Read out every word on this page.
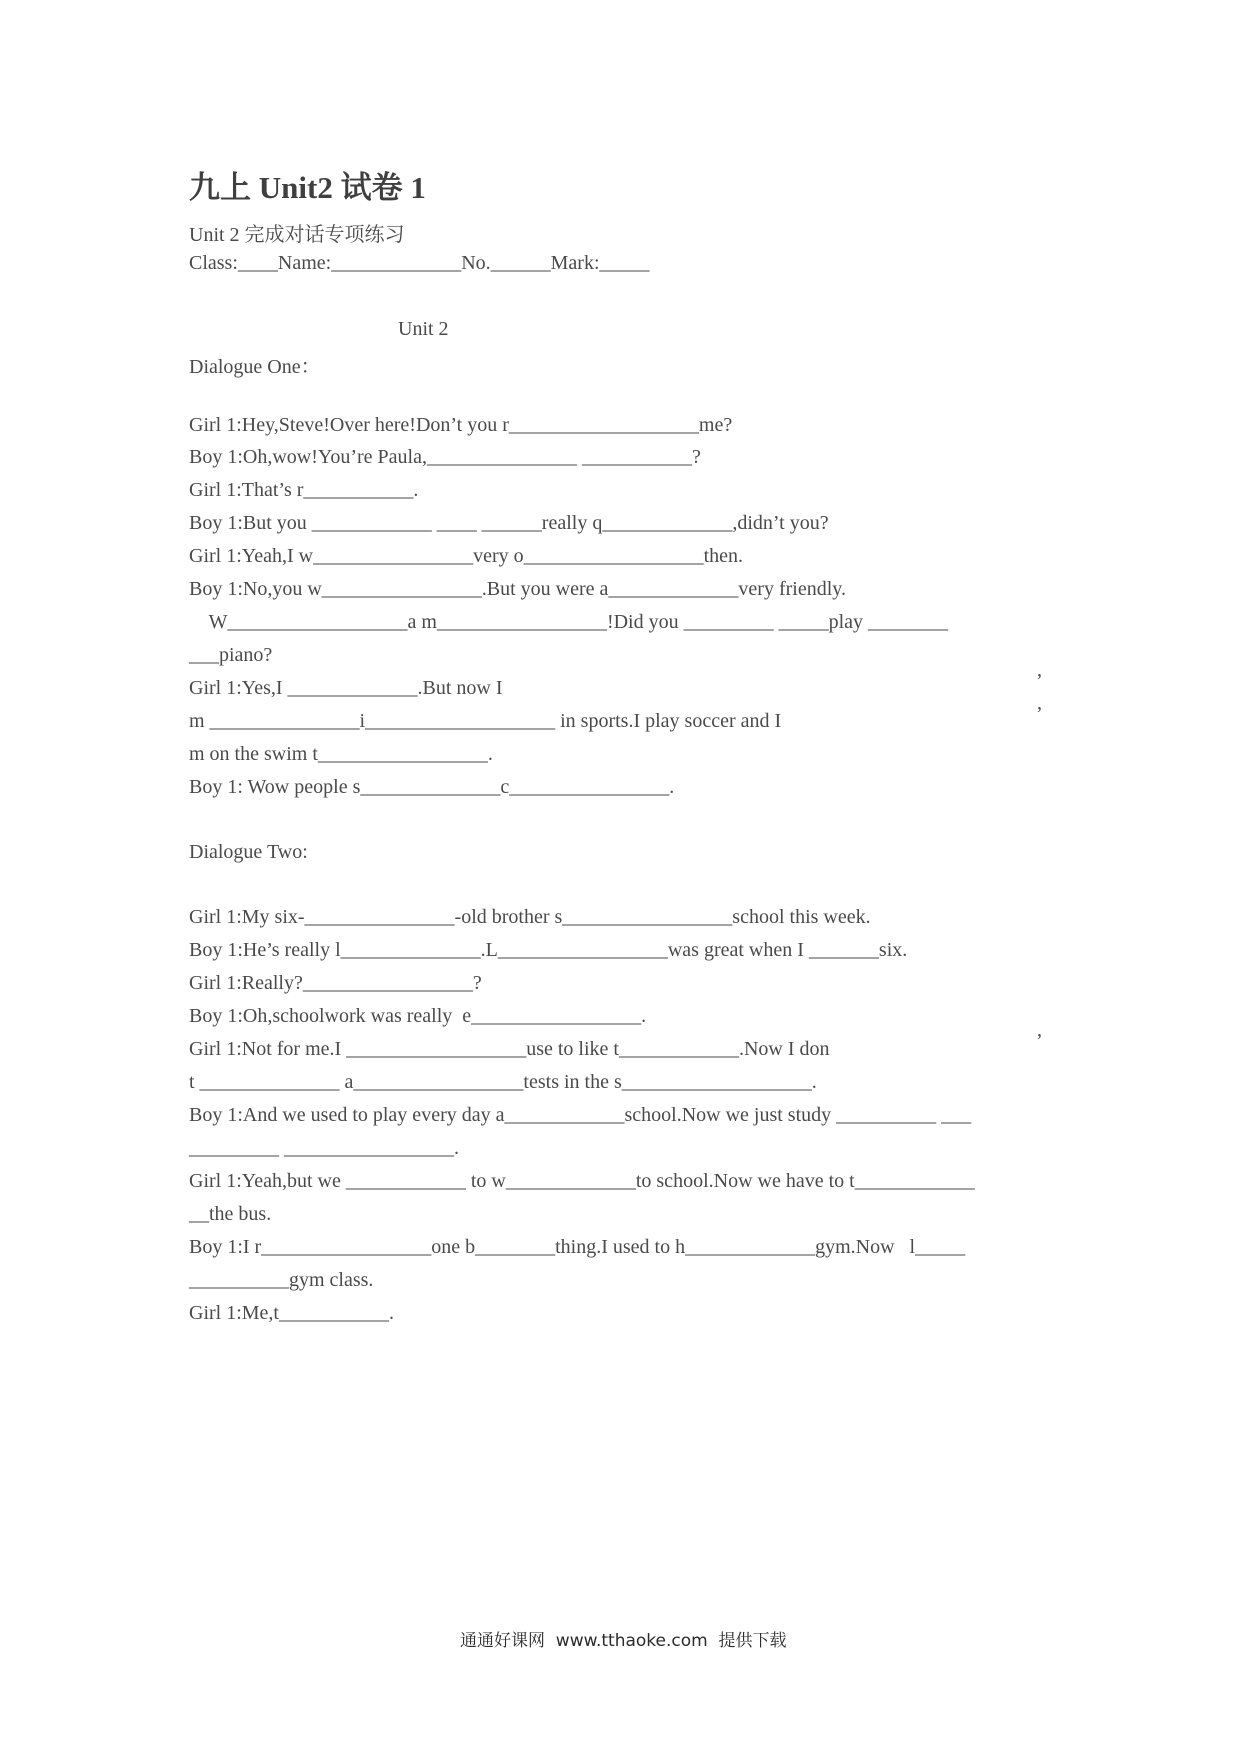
九上 Unit2 试卷 1
Unit 2 完成对话专项练习
Class:____Name:_____________No.______Mark:_____
Unit 2
Dialogue One：
Girl 1:Hey,Steve!Over here!Don’t you r___________________me?
Boy 1:Oh,wow!You’re Paula,_______________ ___________?
Girl 1:That’s r___________.
Boy 1:But you ____________ ____ ______really q_____________,didn’t you?
Girl 1:Yeah,I w________________very o__________________then.
Boy 1:No,you w________________.But you were a_____________very friendly.
W__________________a m_________________!Did you _________ _____play ________
___piano?
Girl 1:Yes,I _____________.But now I	’
m _______________i___________________ in sports.I play soccer and I	’
m on the swim t_________________.
Boy 1: Wow people s______________c________________.
Dialogue Two:
Girl 1:My six-_______________-old brother s_________________school this week.
Boy 1:He’s really l______________.L_________________was great when I _______six.
Girl 1:Really?_________________?
Boy 1:Oh,schoolwork was really  e_________________.
Girl 1:Not for me.I __________________use to like t____________.Now I don	’
t ______________ a_________________tests in the s___________________.
Boy 1:And we used to play every day a____________school.Now we just study __________ ___
_________ _________________.
Girl 1:Yeah,but we ____________ to w_____________to school.Now we have to t____________
__the bus.
Boy 1:I r_________________one b________thing.I used to h_____________gym.Now   l_____
__________gym class.
Girl 1:Me,t___________.
通通好课网  www.tthaoke.com  提供下载
